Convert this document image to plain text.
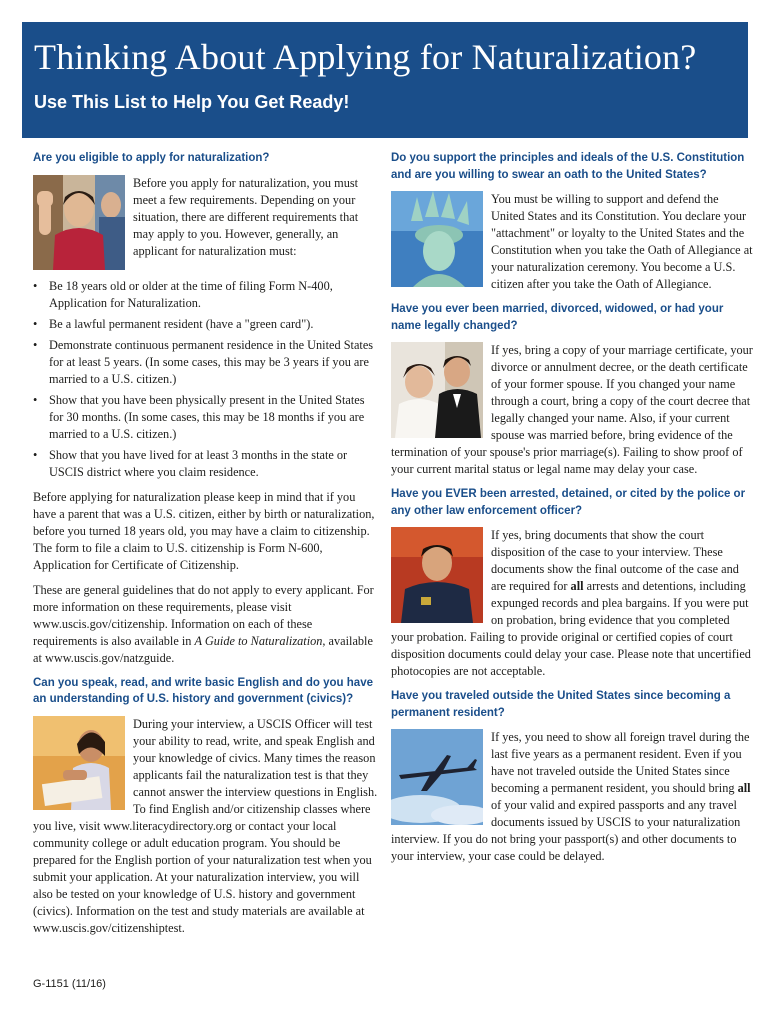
Thinking About Applying for Naturalization?
Use This List to Help You Get Ready!
Are you eligible to apply for naturalization?

Before you apply for naturalization, you must meet a few requirements. Depending on your situation, there are different requirements that may apply to you. However, generally, an applicant for naturalization must:

• Be 18 years old or older at the time of filing Form N-400, Application for Naturalization.
• Be a lawful permanent resident (have a "green card").
• Demonstrate continuous permanent residence in the United States for at least 5 years. (In some cases, this may be 3 years if you are married to a U.S. citizen.)
• Show that you have been physically present in the United States for 30 months. (In some cases, this may be 18 months if you are married to a U.S. citizen.)
• Show that you have lived for at least 3 months in the state or USCIS district where you claim residence.

Before applying for naturalization please keep in mind that if you have a parent that was a U.S. citizen, either by birth or naturalization, before you turned 18 years old, you may have a claim to citizenship. The form to file a claim to U.S. citizenship is Form N-600, Application for Certificate of Citizenship.

These are general guidelines that do not apply to every applicant. For more information on these requirements, please visit www.uscis.gov/citizenship. Information on each of these requirements is also available in A Guide to Naturalization, available at www.uscis.gov/natzguide.

Can you speak, read, and write basic English and do you have an understanding of U.S. history and government (civics)?

During your interview, a USCIS Officer will test your ability to read, write, and speak English and your knowledge of civics. Many times the reason applicants fail the naturalization test is that they cannot answer the interview questions in English. To find English and/or citizenship classes where you live, visit www.literacydirectory.org or contact your local community college or adult education program. You should be prepared for the English portion of your naturalization test when you submit your application. At your naturalization interview, you will also be tested on your knowledge of U.S. history and government (civics). Information on the test and study materials are available at www.uscis.gov/citizenshiptest.

Do you support the principles and ideals of the U.S. Constitution and are you willing to swear an oath to the United States?

You must be willing to support and defend the United States and its Constitution. You declare your "attachment" or loyalty to the United States and the Constitution when you take the Oath of Allegiance at your naturalization ceremony. You become a U.S. citizen after you take the Oath of Allegiance.

Have you ever been married, divorced, widowed, or had your name legally changed?

If yes, bring a copy of your marriage certificate, your divorce or annulment decree, or the death certificate of your former spouse. If you changed your name through a court, bring a copy of the court decree that legally changed your name. Also, if your current spouse was married before, bring evidence of the termination of your spouse's prior marriage(s). Failing to show proof of your current marital status or legal name may delay your case.

Have you EVER been arrested, detained, or cited by the police or any other law enforcement officer?

If yes, bring documents that show the court disposition of the case to your interview. These documents show the final outcome of the case and are required for all arrests and detentions, including expunged records and plea bargains. If you were put on probation, bring evidence that you completed your probation. Failing to provide original or certified copies of court disposition documents could delay your case. Please note that uncertified photocopies are not acceptable.

Have you traveled outside the United States since becoming a permanent resident?

If yes, you need to show all foreign travel during the last five years as a permanent resident. Even if you have not traveled outside the United States since becoming a permanent resident, you should bring all of your valid and expired passports and any travel documents issued by USCIS to your naturalization interview. If you do not bring your passport(s) and other documents to your interview, your case could be delayed.

G-1151 (11/16)
